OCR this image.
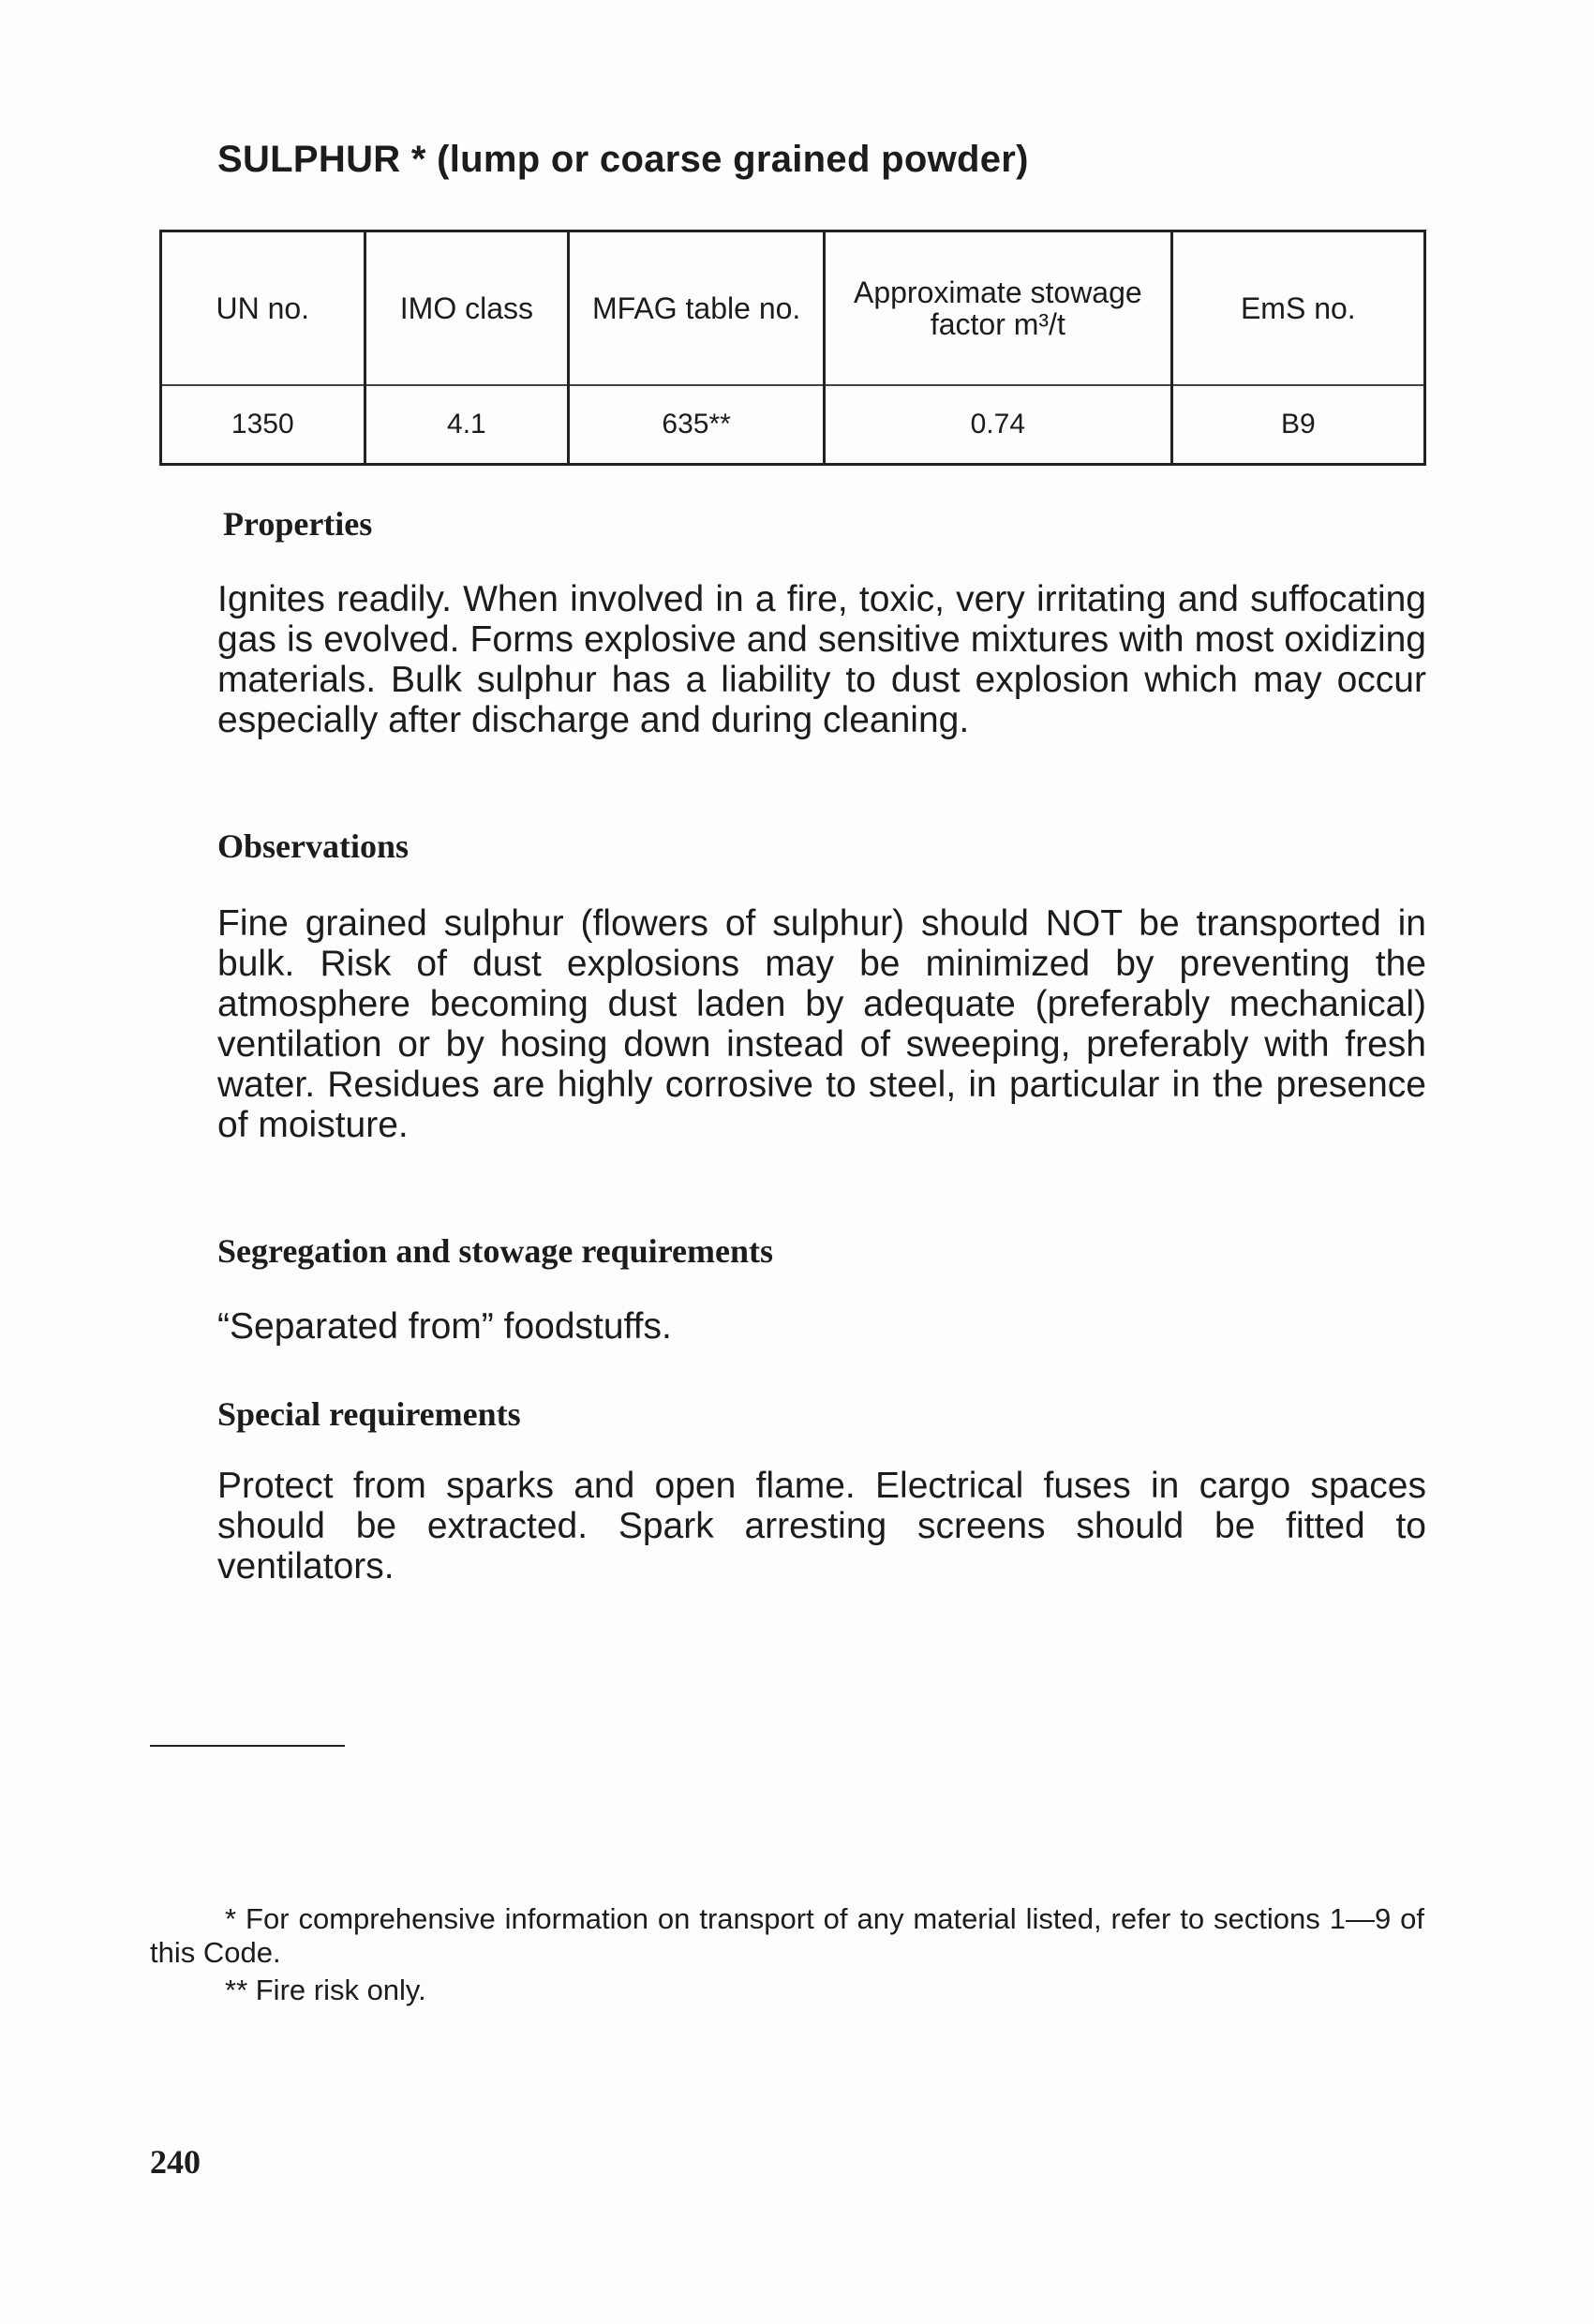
SULPHUR * (lump or coarse grained powder)
UN no.	IMO class	MFAG table no.	Approximate stowage factor m³/t	EmS no.
1350	4.1	635**	0.74	B9
Properties
Ignites readily. When involved in a fire, toxic, very irritating and suffocating gas is evolved. Forms explosive and sensitive mixtures with most oxidizing materials. Bulk sulphur has a liability to dust explosion which may occur especially after discharge and during cleaning.
Observations
Fine grained sulphur (flowers of sulphur) should NOT be transported in bulk. Risk of dust explosions may be minimized by preventing the atmosphere becoming dust laden by adequate (preferably mechanical) ventilation or by hosing down instead of sweeping, preferably with fresh water. Residues are highly corrosive to steel, in particular in the presence of moisture.
Segregation and stowage requirements
“Separated from” foodstuffs.
Special requirements
Protect from sparks and open flame. Electrical fuses in cargo spaces should be extracted. Spark arresting screens should be fitted to ventilators.
* For comprehensive information on transport of any material listed, refer to sections 1—9 of this Code.
** Fire risk only.
240
